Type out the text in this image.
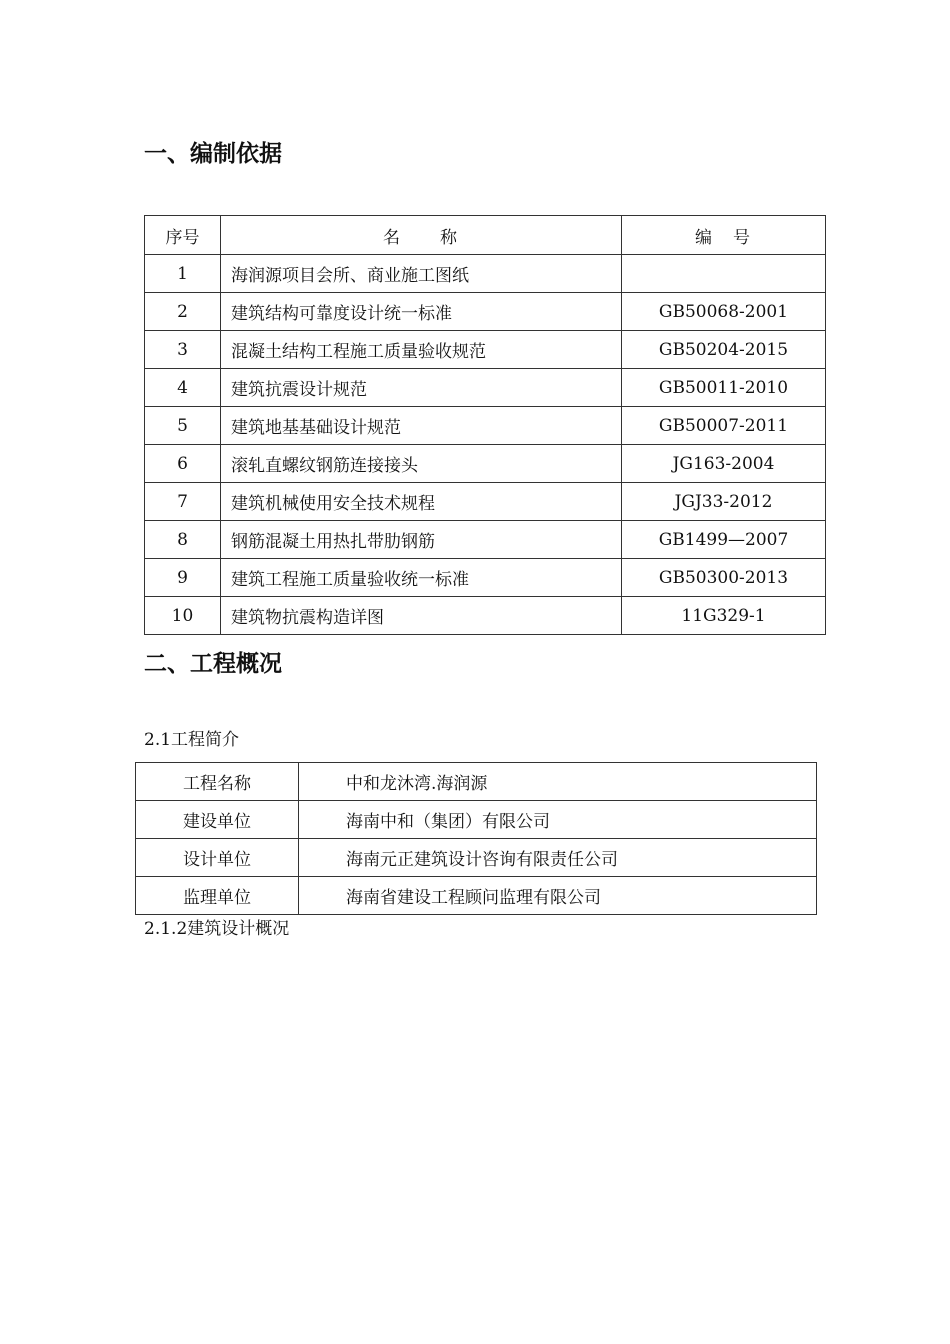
一、编制依据
序号	名　　称	编　号
1	海润源项目会所、商业施工图纸	
2	建筑结构可靠度设计统一标准	GB50068-2001
3	混凝土结构工程施工质量验收规范	GB50204-2015
4	建筑抗震设计规范	GB50011-2010
5	建筑地基基础设计规范	GB50007-2011
6	滚轧直螺纹钢筋连接接头	JG163-2004
7	建筑机械使用安全技术规程	JGJ33-2012
8	钢筋混凝土用热扎带肋钢筋	GB1499—2007
9	建筑工程施工质量验收统一标准	GB50300-2013
10	建筑物抗震构造详图	11G329-1
二、工程概况

2.1工程简介

工程名称	中和龙沐湾.海润源
建设单位	海南中和（集团）有限公司
设计单位	海南元正建筑设计咨询有限责任公司
监理单位	海南省建设工程顾问监理有限公司

2.1.2建筑设计概况
